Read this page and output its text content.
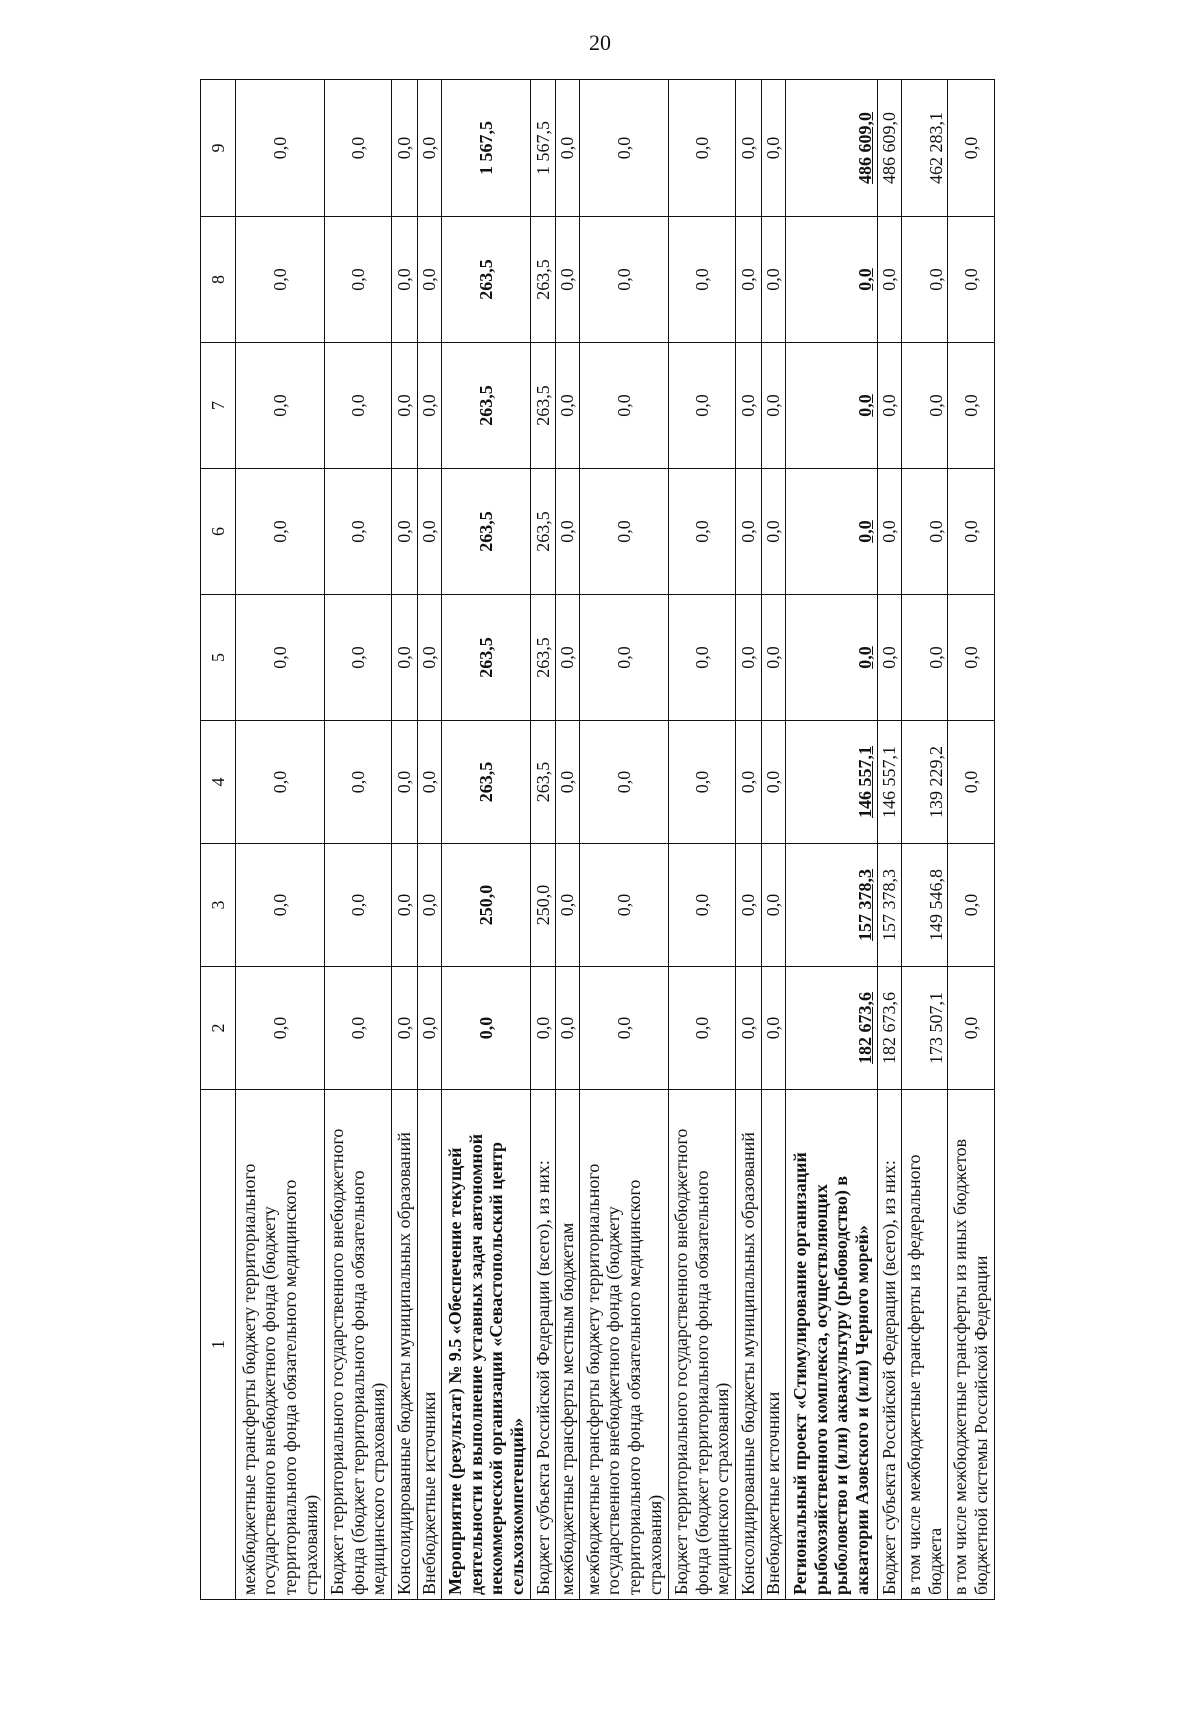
20
1	2	3	4	5	6	7	8	9
межбюджетные трансферты бюджету территориального государственного внебюджетного фонда (бюджету территориального фонда обязательного медицинского страхования)	0,0	0,0	0,0	0,0	0,0	0,0	0,0	0,0
Бюджет территориального государственного внебюджетного фонда (бюджет территориального фонда обязательного медицинского страхования)	0,0	0,0	0,0	0,0	0,0	0,0	0,0	0,0
Консолидированные бюджеты муниципальных образований	0,0	0,0	0,0	0,0	0,0	0,0	0,0	0,0
Внебюджетные источники	0,0	0,0	0,0	0,0	0,0	0,0	0,0	0,0
Мероприятие (результат) № 9.5 «Обеспечение текущей деятельности и выполнение уставных задач автономной некоммерческой организации «Севастопольский центр сельхозкомпетенций»	0,0	250,0	263,5	263,5	263,5	263,5	263,5	1 567,5
Бюджет субъекта Российской Федерации (всего), из них:	0,0	250,0	263,5	263,5	263,5	263,5	263,5	1 567,5
межбюджетные трансферты местным бюджетам	0,0	0,0	0,0	0,0	0,0	0,0	0,0	0,0
межбюджетные трансферты бюджету территориального государственного внебюджетного фонда (бюджету территориального фонда обязательного медицинского страхования)	0,0	0,0	0,0	0,0	0,0	0,0	0,0	0,0
Бюджет территориального государственного внебюджетного фонда (бюджет территориального фонда обязательного медицинского страхования)	0,0	0,0	0,0	0,0	0,0	0,0	0,0	0,0
Консолидированные бюджеты муниципальных образований	0,0	0,0	0,0	0,0	0,0	0,0	0,0	0,0
Внебюджетные источники	0,0	0,0	0,0	0,0	0,0	0,0	0,0	0,0
Региональный проект «Стимулирование организаций рыбохозяйственного комплекса, осуществляющих рыболовство и (или) аквакультуру (рыбоводство) в акватории Азовского и (или) Черного морей»	182 673,6	157 378,3	146 557,1	0,0	0,0	0,0	0,0	486 609,0
Бюджет субъекта Российской Федерации (всего), из них:	182 673,6	157 378,3	146 557,1	0,0	0,0	0,0	0,0	486 609,0
в том числе межбюджетные трансферты из федерального бюджета	173 507,1	149 546,8	139 229,2	0,0	0,0	0,0	0,0	462 283,1
в том числе межбюджетные трансферты из иных бюджетов бюджетной системы Российской Федерации	0,0	0,0	0,0	0,0	0,0	0,0	0,0	0,0
